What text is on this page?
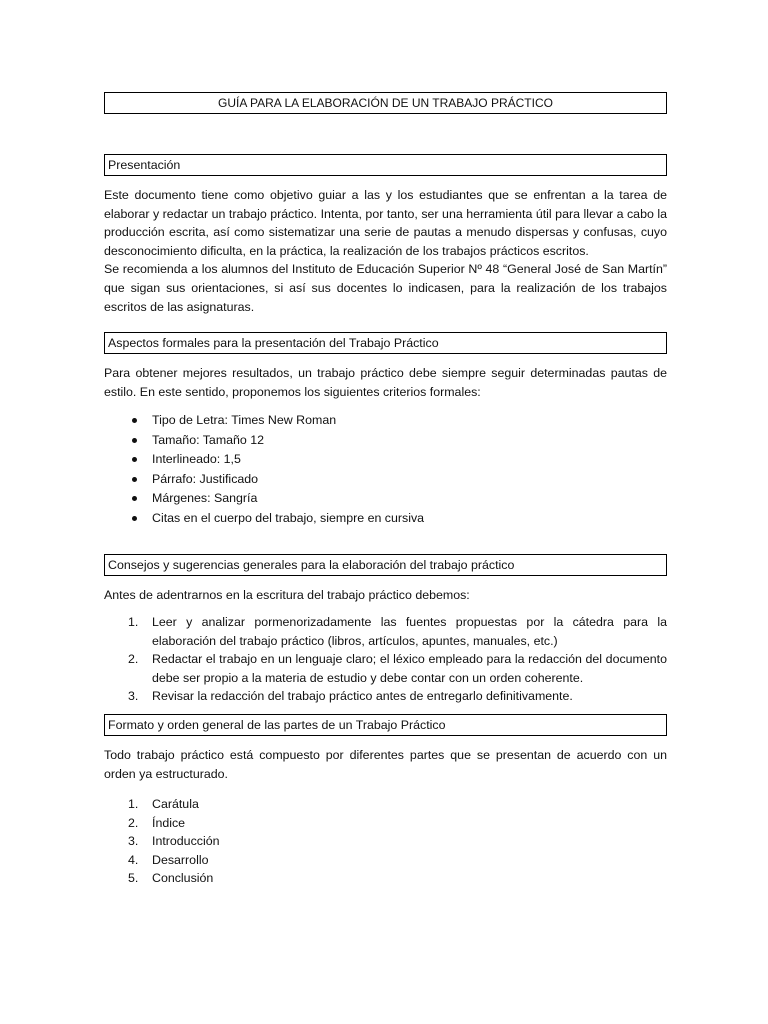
GUÍA PARA LA ELABORACIÓN DE UN TRABAJO PRÁCTICO
Presentación

Este documento tiene como objetivo guiar a las y los estudiantes que se enfrentan a la tarea de elaborar y redactar un trabajo práctico. Intenta, por tanto, ser una herramienta útil para llevar a cabo la producción escrita, así como sistematizar una serie de pautas a menudo dispersas y confusas, cuyo desconocimiento dificulta, en la práctica, la realización de los trabajos prácticos escritos.

Se recomienda a los alumnos del Instituto de Educación Superior Nº 48 “General José de San Martín” que sigan sus orientaciones, si así sus docentes lo indicasen, para la realización de los trabajos escritos de las asignaturas.

Aspectos formales para la presentación del Trabajo Práctico

Para obtener mejores resultados, un trabajo práctico debe siempre seguir determinadas pautas de estilo. En este sentido, proponemos los siguientes criterios formales:

Tipo de Letra: Times New Roman
Tamaño: Tamaño 12
Interlineado: 1,5
Párrafo: Justificado
Márgenes: Sangría
Citas en el cuerpo del trabajo, siempre en cursiva
Consejos y sugerencias generales para la elaboración del trabajo práctico

Antes de adentrarnos en la escritura del trabajo práctico debemos:

1. Leer y analizar pormenorizadamente las fuentes propuestas por la cátedra para la elaboración del trabajo práctico (libros, artículos, apuntes, manuales, etc.)
2. Redactar el trabajo en un lenguaje claro; el léxico empleado para la redacción del documento debe ser propio a la materia de estudio y debe contar con un orden coherente.
3. Revisar la redacción del trabajo práctico antes de entregarlo definitivamente.
Formato y orden general de las partes de un Trabajo Práctico

Todo trabajo práctico está compuesto por diferentes partes que se presentan de acuerdo con un orden ya estructurado.

1. Carátula
2. Índice
3. Introducción
4. Desarrollo
5. Conclusión
